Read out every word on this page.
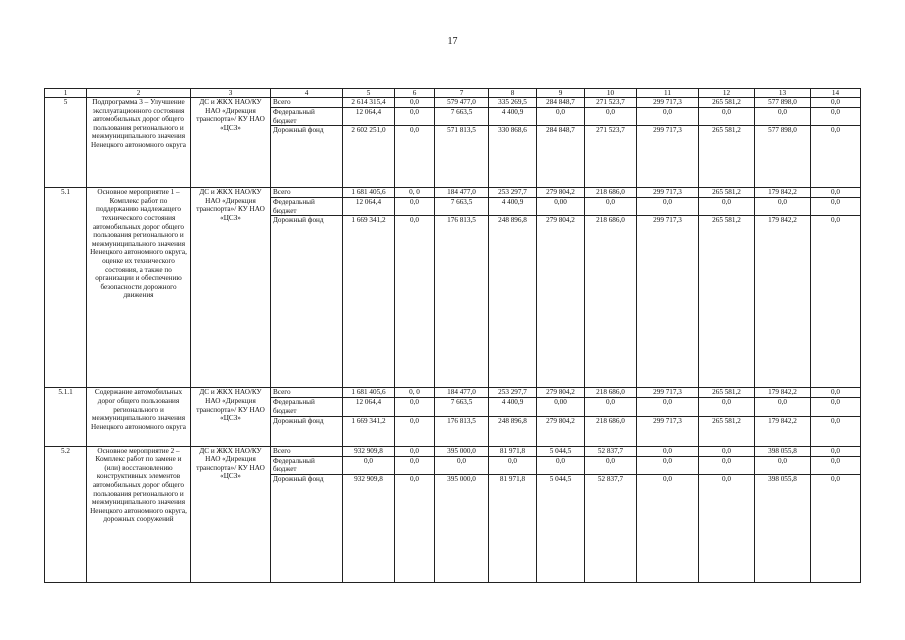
17
1	2	3	4	5	6	7	8	9	10	11	12	13	14
5	Подпрограмма 3 – Улучшение эксплуатационного состояния автомобильных дорог общего пользования регионального и межмуниципального значения Ненецкого автономного округа	ДС и ЖКХ НАО/КУ НАО «Дирекция транспорта»/ КУ НАО «ЦСЗ»	Всего	2 614 315,4	0,0	579 477,0	335 269,5	284 848,7	271 523,7	299 717,3	265 581,2	577 898,0	0,0
			Федеральный бюджет	12 064,4	0,0	7 663,5	4 400,9	0,0	0,0	0,0	0,0	0,0	0,0
			Дорожный фонд	2 602 251,0	0,0	571 813,5	330 868,6	284 848,7	271 523,7	299 717,3	265 581,2	577 898,0	0,0
5.1	Основное мероприятие 1 – Комплекс работ по поддержанию надлежащего технического состояния автомобильных дорог общего пользования регионального и межмуниципального значения Ненецкого автономного округа, оценке их технического состояния, а также по организации и обеспечению безопасности дорожного движения	ДС и ЖКХ НАО/КУ НАО «Дирекция транспорта»/ КУ НАО «ЦСЗ»	Всего	1 681 405,6	0, 0	184 477,0	253 297,7	279 804,2	218 686,0	299 717,3	265 581,2	179 842,2	0,0
			Федеральный бюджет	12 064,4	0,0	7 663,5	4 400,9	0,00	0,0	0,0	0,0	0,0	0,0
			Дорожный фонд	1 669 341,2	0,0	176 813,5	248 896,8	279 804,2	218 686,0	299 717,3	265 581,2	179 842,2	0,0
5.1.1	Содержание автомобильных дорог общего пользования регионального и межмуниципального значения Ненецкого автономного округа	ДС и ЖКХ НАО/КУ НАО «Дирекция транспорта»/ КУ НАО «ЦСЗ»	Всего	1 681 405,6	0, 0	184 477,0	253 297,7	279 804,2	218 686,0	299 717,3	265 581,2	179 842,2	0,0
			Федеральный бюджет	12 064,4	0,0	7 663,5	4 400,9	0,00	0,0	0,0	0,0	0,0	0,0
			Дорожный фонд	1 669 341,2	0,0	176 813,5	248 896,8	279 804,2	218 686,0	299 717,3	265 581,2	179 842,2	0,0
5.2	Основное мероприятие 2 – Комплекс работ по замене и (или) восстановлению конструктивных элементов автомобильных дорог общего пользования регионального и межмуниципального значения Ненецкого автономного округа, дорожных сооружений	ДС и ЖКХ НАО/КУ НАО «Дирекция транспорта»/ КУ НАО «ЦСЗ»	Всего	932 909,8	0,0	395 000,0	81 971,8	5 044,5	52 837,7	0,0	0,0	398 055,8	0,0
			Федеральный бюджет	0,0	0,0	0,0	0,0	0,0	0,0	0,0	0,0	0,0	0,0
			Дорожный фонд	932 909,8	0,0	395 000,0	81 971,8	5 044,5	52 837,7	0,0	0,0	398 055,8	0,0
